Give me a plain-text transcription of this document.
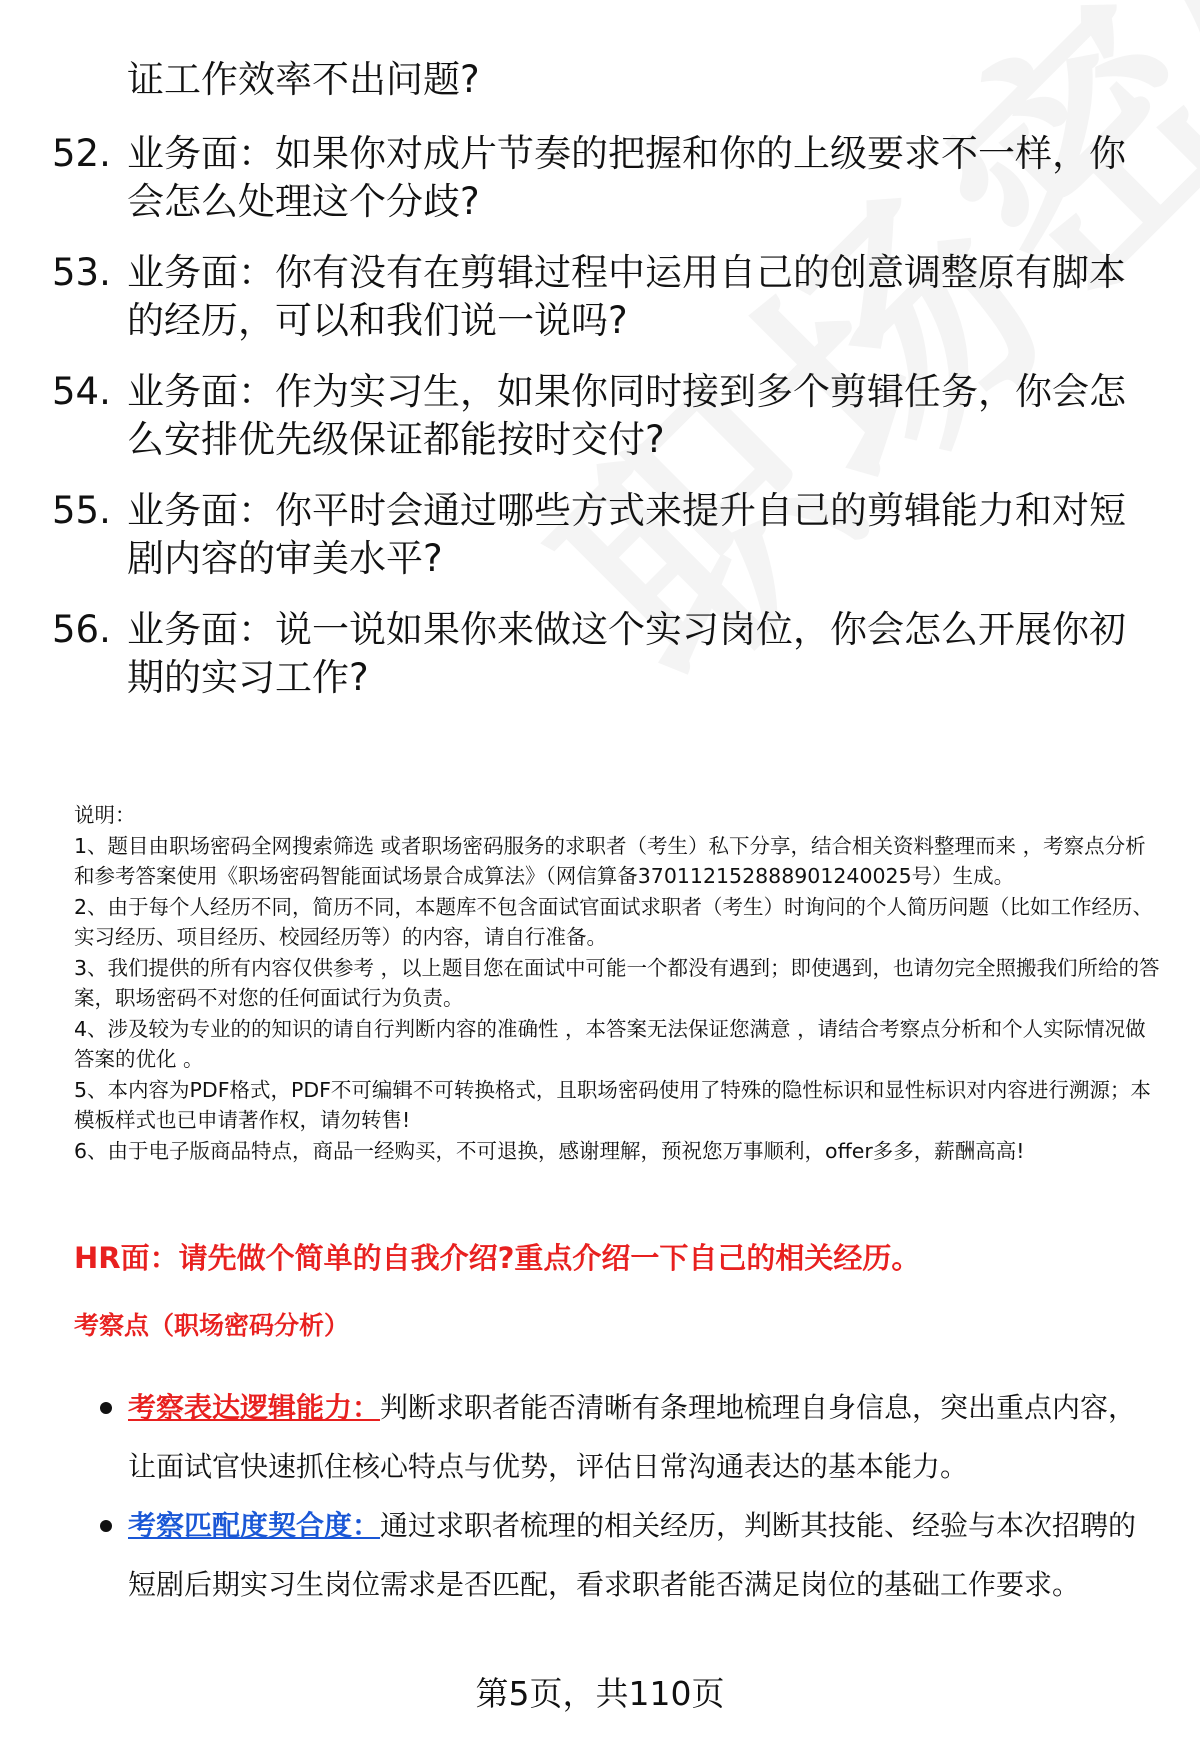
证工作效率不出问题?
52. 业务面：如果你对成片节奏的把握和你的上级要求不一样，你会怎么处理这个分歧?
53. 业务面：你有没有在剪辑过程中运用自己的创意调整原有脚本的经历，可以和我们说一说吗?
54. 业务面：作为实习生，如果你同时接到多个剪辑任务，你会怎么安排优先级保证都能按时交付?
55. 业务面：你平时会通过哪些方式来提升自己的剪辑能力和对短剧内容的审美水平?
56. 业务面：说一说如果你来做这个实习岗位，你会怎么开展你初期的实习工作?
说明：
1、题目由职场密码全网搜索筛选 或者职场密码服务的求职者（考生）私下分享，结合相关资料整理而来 ，考察点分析和参考答案使用《职场密码智能面试场景合成算法》（网信算备370112152888901240025号）生成。
2、由于每个人经历不同，简历不同，本题库不包含面试官面试求职者（考生）时询问的个人简历问题（比如工作经历、实习经历、项目经历、校园经历等）的内容，请自行准备。
3、我们提供的所有内容仅供参考 ，以上题目您在面试中可能一个都没有遇到；即使遇到，也请勿完全照搬我们所给的答案，职场密码不对您的任何面试行为负责。
4、涉及较为专业的的知识的请自行判断内容的准确性 ，本答案无法保证您满意 ，请结合考察点分析和个人实际情况做答案的优化 。
5、本内容为PDF格式，PDF不可编辑不可转换格式，且职场密码使用了特殊的隐性标识和显性标识对内容进行溯源；本模板样式也已申请著作权，请勿转售!
6、由于电子版商品特点，商品一经购买，不可退换，感谢理解，预祝您万事顺利，offer多多，薪酬高高!
HR面：请先做个简单的自我介绍?重点介绍一下自己的相关经历。
考察点（职场密码分析）
考察表达逻辑能力：判断求职者能否清晰有条理地梳理自身信息，突出重点内容，让面试官快速抓住核心特点与优势，评估日常沟通表达的基本能力。
考察匹配度契合度：通过求职者梳理的相关经历，判断其技能、经验与本次招聘的短剧后期实习生岗位需求是否匹配，看求职者能否满足岗位的基础工作要求。
第5页，共110页
